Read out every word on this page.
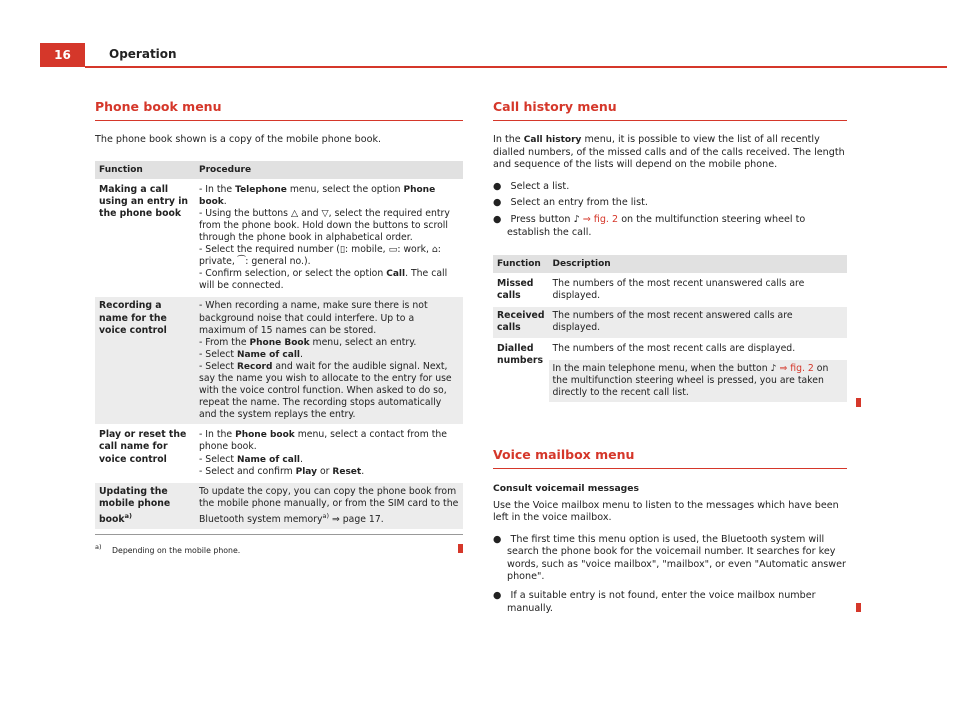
16	Operation
Phone book menu

The phone book shown is a copy of the mobile phone book.

Function	Procedure
Making a call using an entry in the phone book	- In the Telephone menu, select the option Phone book.
- Using the buttons △ and ▽, select the required entry from the phone book. Hold down the buttons to scroll through the phone book in alphabetical order.
- Select the required number (▯: mobile, ▭: work, ⌂: private, ⁀: general no.).
- Confirm selection, or select the option Call. The call will be connected.

Recording a name for the voice control	- When recording a name, make sure there is not background noise that could interfere. Up to a maximum of 15 names can be stored.
- From the Phone Book menu, select an entry.
- Select Name of call.
- Select Record and wait for the audible signal. Next, say the name you wish to allocate to the entry for use with the voice control function. When asked to do so, repeat the name. The recording stops automatically and the system replays the entry.

Play or reset the call name for voice control	- In the Phone book menu, select a contact from the phone book.
- Select Name of call.
- Select and confirm Play or Reset.

Updating the mobile phone book$^{a)}$	To update the copy, you can copy the phone book from the mobile phone manually, or from the SIM card to the Bluetooth system memory$^{a)}$ ⇒ page 17.
$^{a)}$ Depending on the mobile phone.
Call history menu

In the Call history menu, it is possible to view the list of all recently dialled numbers, of the missed calls and of the calls received. The length and sequence of the lists will depend on the mobile phone.

● Select a list.

● Select an entry from the list.

● Press button ♪ ⇒ fig. 2 on the multifunction steering wheel to establish the call.

Function	Description
Missed calls	The numbers of the most recent unanswered calls are displayed.
Received calls	The numbers of the most recent answered calls are displayed.
Dialled numbers	The numbers of the most recent calls are displayed.
	In the main telephone menu, when the button ♪ ⇒ fig. 2 on the multifunction steering wheel is pressed, you are taken directly to the recent call list.
Voice mailbox menu

Consult voicemail messages

Use the Voice mailbox menu to listen to the messages which have been left in the voice mailbox.

● The first time this menu option is used, the Bluetooth system will search the phone book for the voicemail number. It searches for key words, such as "voice mailbox", "mailbox", or even "Automatic answer phone".

● If a suitable entry is not found, enter the voice mailbox number manually.
